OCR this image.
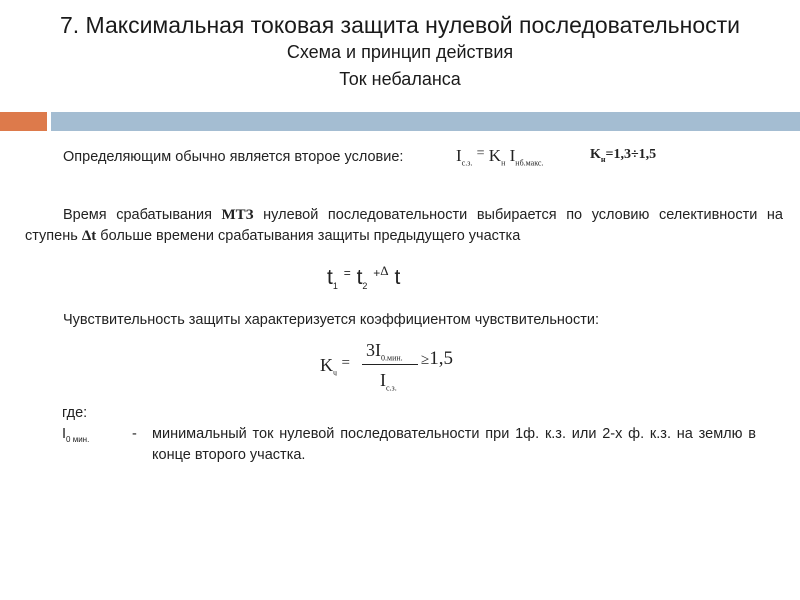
7. Максимальная токовая защита нулевой последовательности
Схема и принцип действия
Ток небаланса
Определяющим обычно является второе условие:	$I_{с.з.}$ = $K_н$ $I_{нб.макс.}$
$K_н=1,3\div 1,5$
Время срабатывания МТЗ нулевой последовательности выбирается по условию селективности на ступень Δt больше времени срабатывания защиты предыдущего участка
$t_1$ = $t_2$ $^{+\Delta}$ t
Чувствительность защиты характеризуется коэффициентом чувствительности:
$K_ч$ =
$3I_{0.мин.}$
$I_{с.з.}$
≥1,5
где:
$I_{0 мин.}$	- минимальный ток нулевой последовательности при 1ф. к.з. или 2-х ф. к.з. на землю в конце второго участка.
